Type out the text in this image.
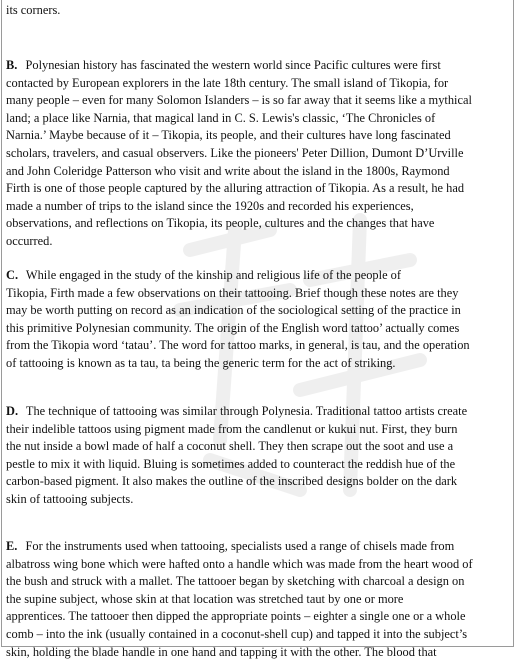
its corners.

B. Polynesian history has fascinated the western world since Pacific cultures were first
contacted by European explorers in the late 18th century. The small island of Tikopia, for
many people – even for many Solomon Islanders – is so far away that it seems like a mythical
land; a place like Narnia, that magical land in C. S. Lewis's classic, ‘The Chronicles of
Narnia.’ Maybe because of it – Tikopia, its people, and their cultures have long fascinated
scholars, travelers, and casual observers. Like the pioneers' Peter Dillion, Dumont D’Urville
and John Coleridge Patterson who visit and write about the island in the 1800s, Raymond
Firth is one of those people captured by the alluring attraction of Tikopia. As a result, he had
made a number of trips to the island since the 1920s and recorded his experiences,
observations, and reflections on Tikopia, its people, cultures and the changes that have
occurred.

C. While engaged in the study of the kinship and religious life of the people of
Tikopia, Firth made a few observations on their tattooing. Brief though these notes are they
may be worth putting on record as an indication of the sociological setting of the practice in
this primitive Polynesian community. The origin of the English word tattoo’ actually comes
from the Tikopia word ‘tatau’. The word for tattoo marks, in general, is tau, and the operation
of tattooing is known as ta tau, ta being the generic term for the act of striking.

D. The technique of tattooing was similar through Polynesia. Traditional tattoo artists create
their indelible tattoos using pigment made from the candlenut or kukui nut. First, they burn
the nut inside a bowl made of half a coconut shell. They then scrape out the soot and use a
pestle to mix it with liquid. Bluing is sometimes added to counteract the reddish hue of the
carbon-based pigment. It also makes the outline of the inscribed designs bolder on the dark
skin of tattooing subjects.

E. For the instruments used when tattooing, specialists used a range of chisels made from
albatross wing bone which were hafted onto a handle which was made from the heart wood of
the bush and struck with a mallet. The tattooer began by sketching with charcoal a design on
the supine subject, whose skin at that location was stretched taut by one or more
apprentices. The tattooer then dipped the appropriate points – eighter a single one or a whole
comb – into the ink (usually contained in a coconut-shell cup) and tapped it into the subject’s
skin, holding the blade handle in one hand and tapping it with the other. The blood that
